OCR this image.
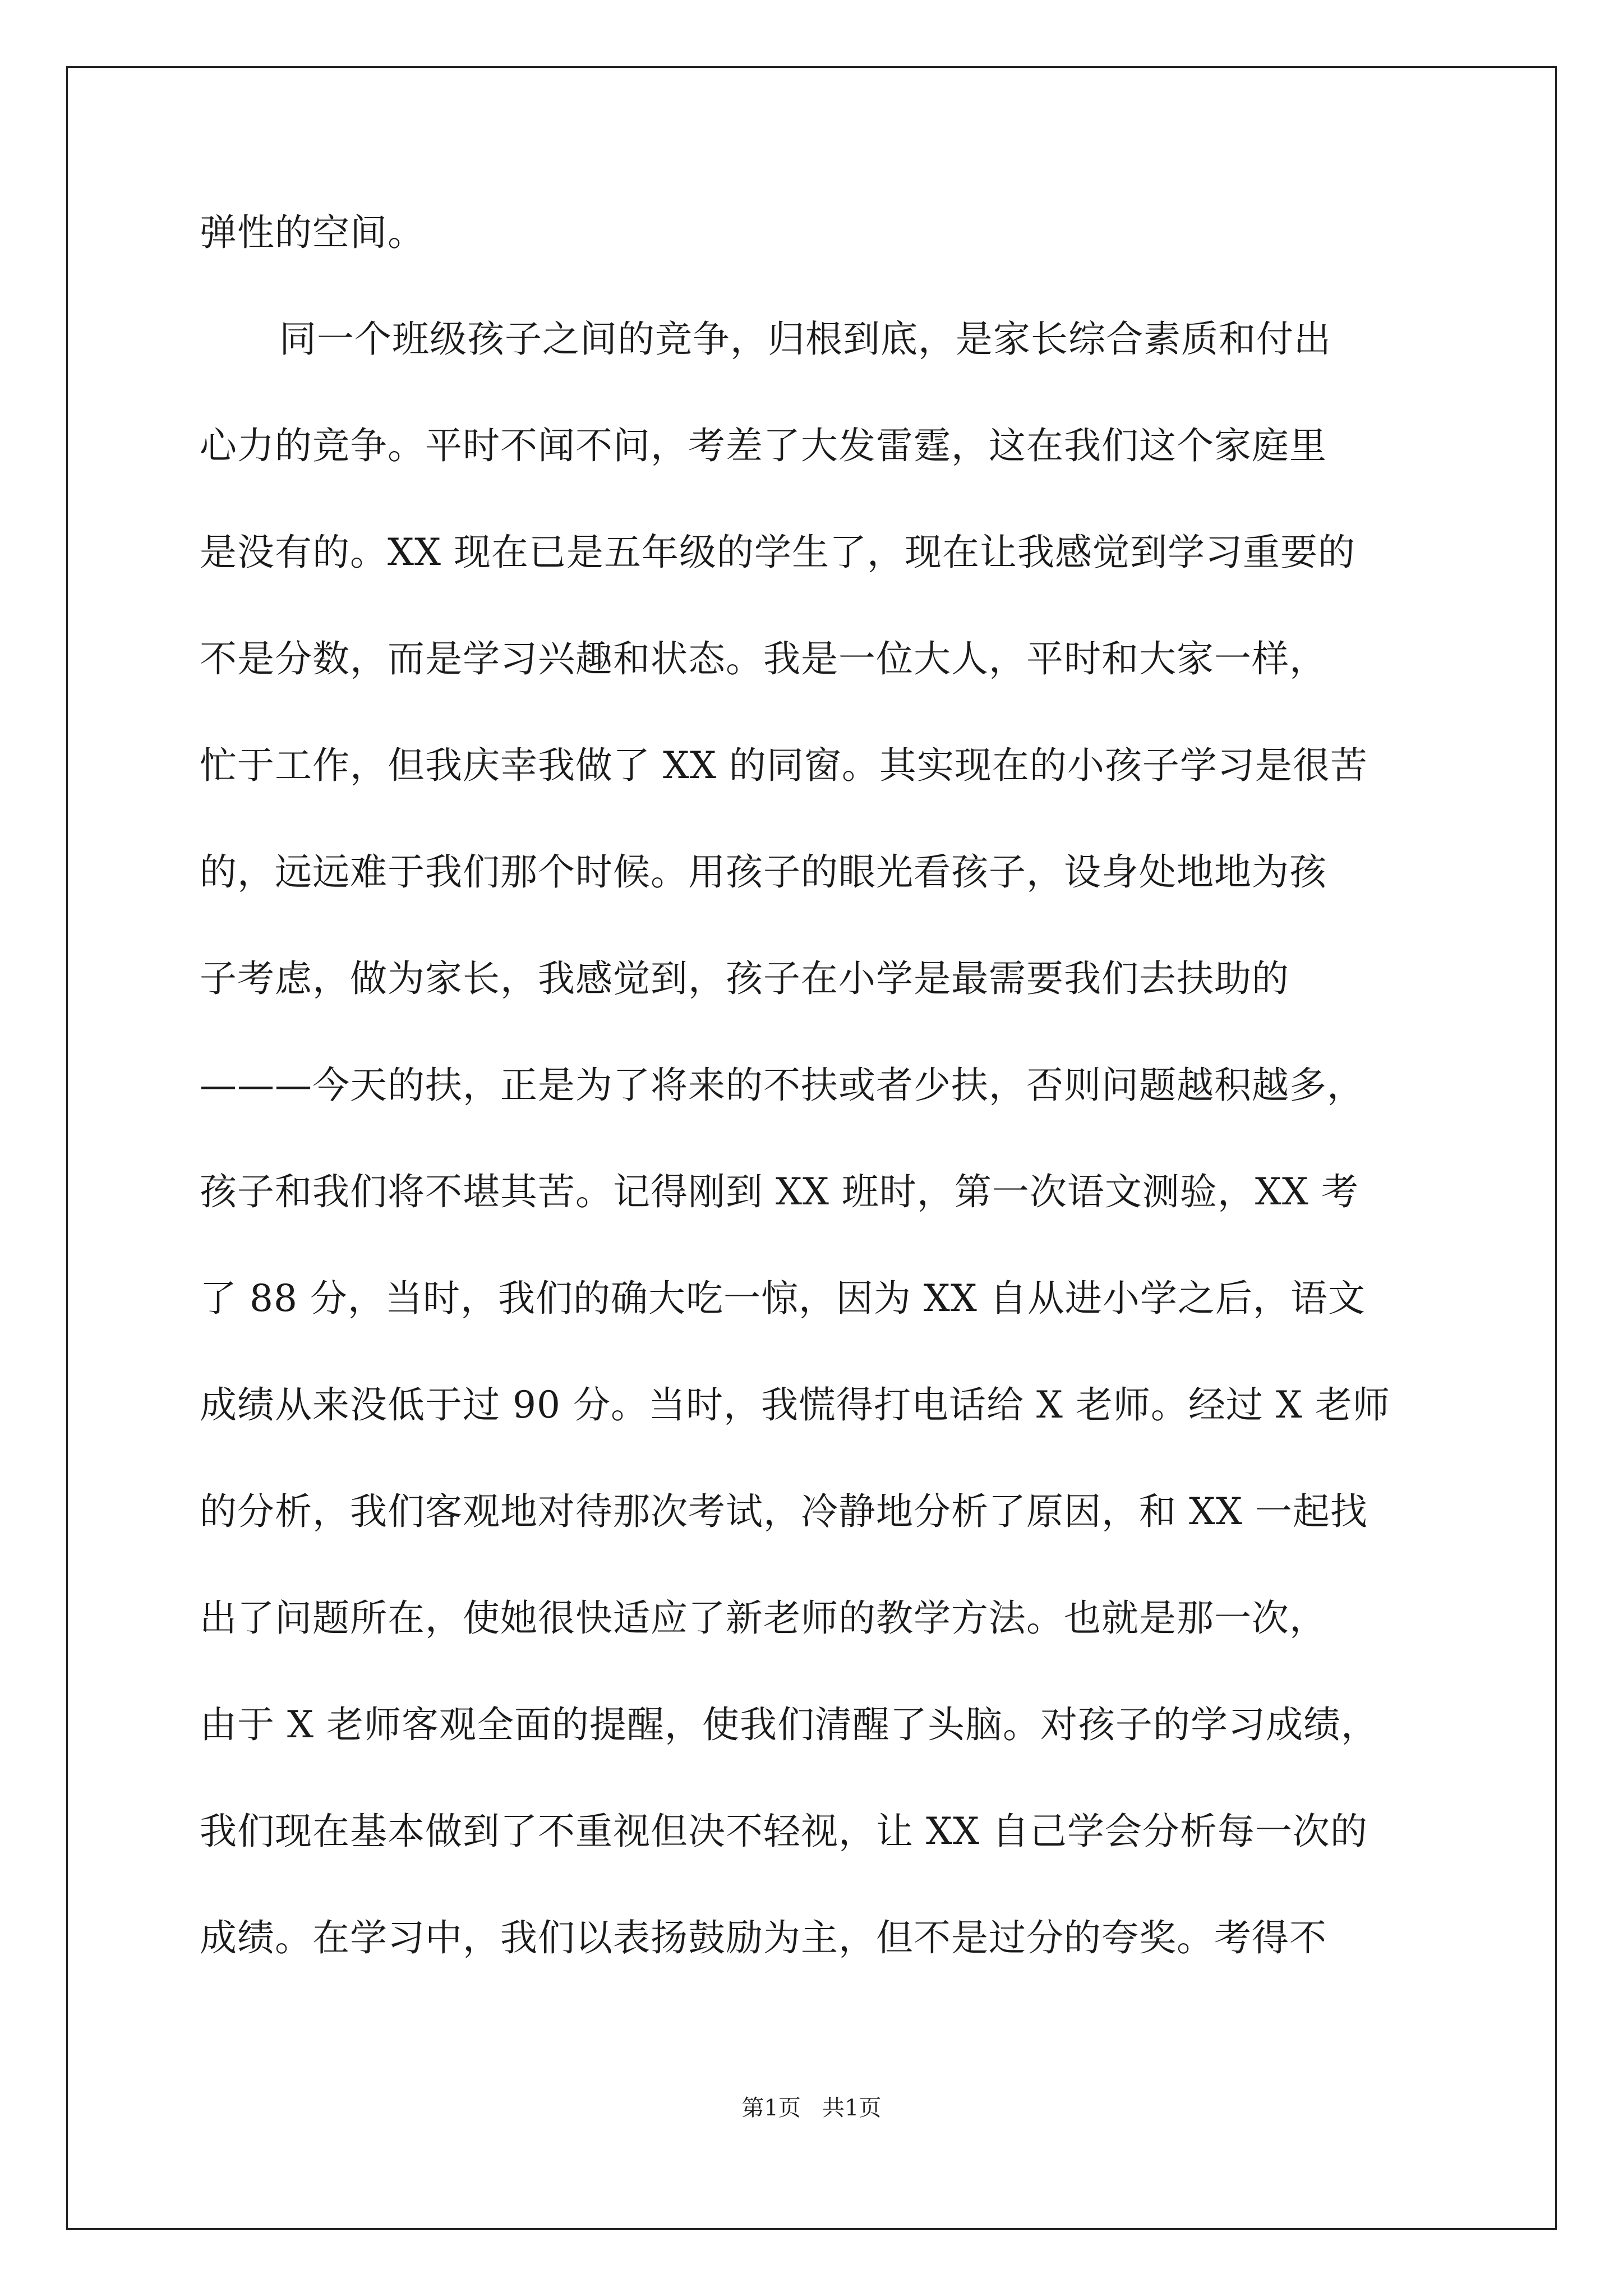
弹性的空间。
同一个班级孩子之间的竞争，归根到底，是家长综合素质和付出
心力的竞争。平时不闻不问，考差了大发雷霆，这在我们这个家庭里
是没有的。XX 现在已是五年级的学生了，现在让我感觉到学习重要的
不是分数，而是学习兴趣和状态。我是一位大人，平时和大家一样，
忙于工作，但我庆幸我做了 XX 的同窗。其实现在的小孩子学习是很苦
的，远远难于我们那个时候。用孩子的眼光看孩子，设身处地地为孩
子考虑，做为家长，我感觉到，孩子在小学是最需要我们去扶助的
———今天的扶，正是为了将来的不扶或者少扶，否则问题越积越多，
孩子和我们将不堪其苦。记得刚到 XX 班时，第一次语文测验，XX 考
了 88 分，当时，我们的确大吃一惊，因为 XX 自从进小学之后，语文
成绩从来没低于过 90 分。当时，我慌得打电话给 X 老师。经过 X 老师
的分析，我们客观地对待那次考试，冷静地分析了原因，和 XX 一起找
出了问题所在，使她很快适应了新老师的教学方法。也就是那一次，
由于 X 老师客观全面的提醒，使我们清醒了头脑。对孩子的学习成绩，
我们现在基本做到了不重视但决不轻视，让 XX 自己学会分析每一次的
成绩。在学习中，我们以表扬鼓励为主，但不是过分的夸奖。考得不
第1页   共1页
